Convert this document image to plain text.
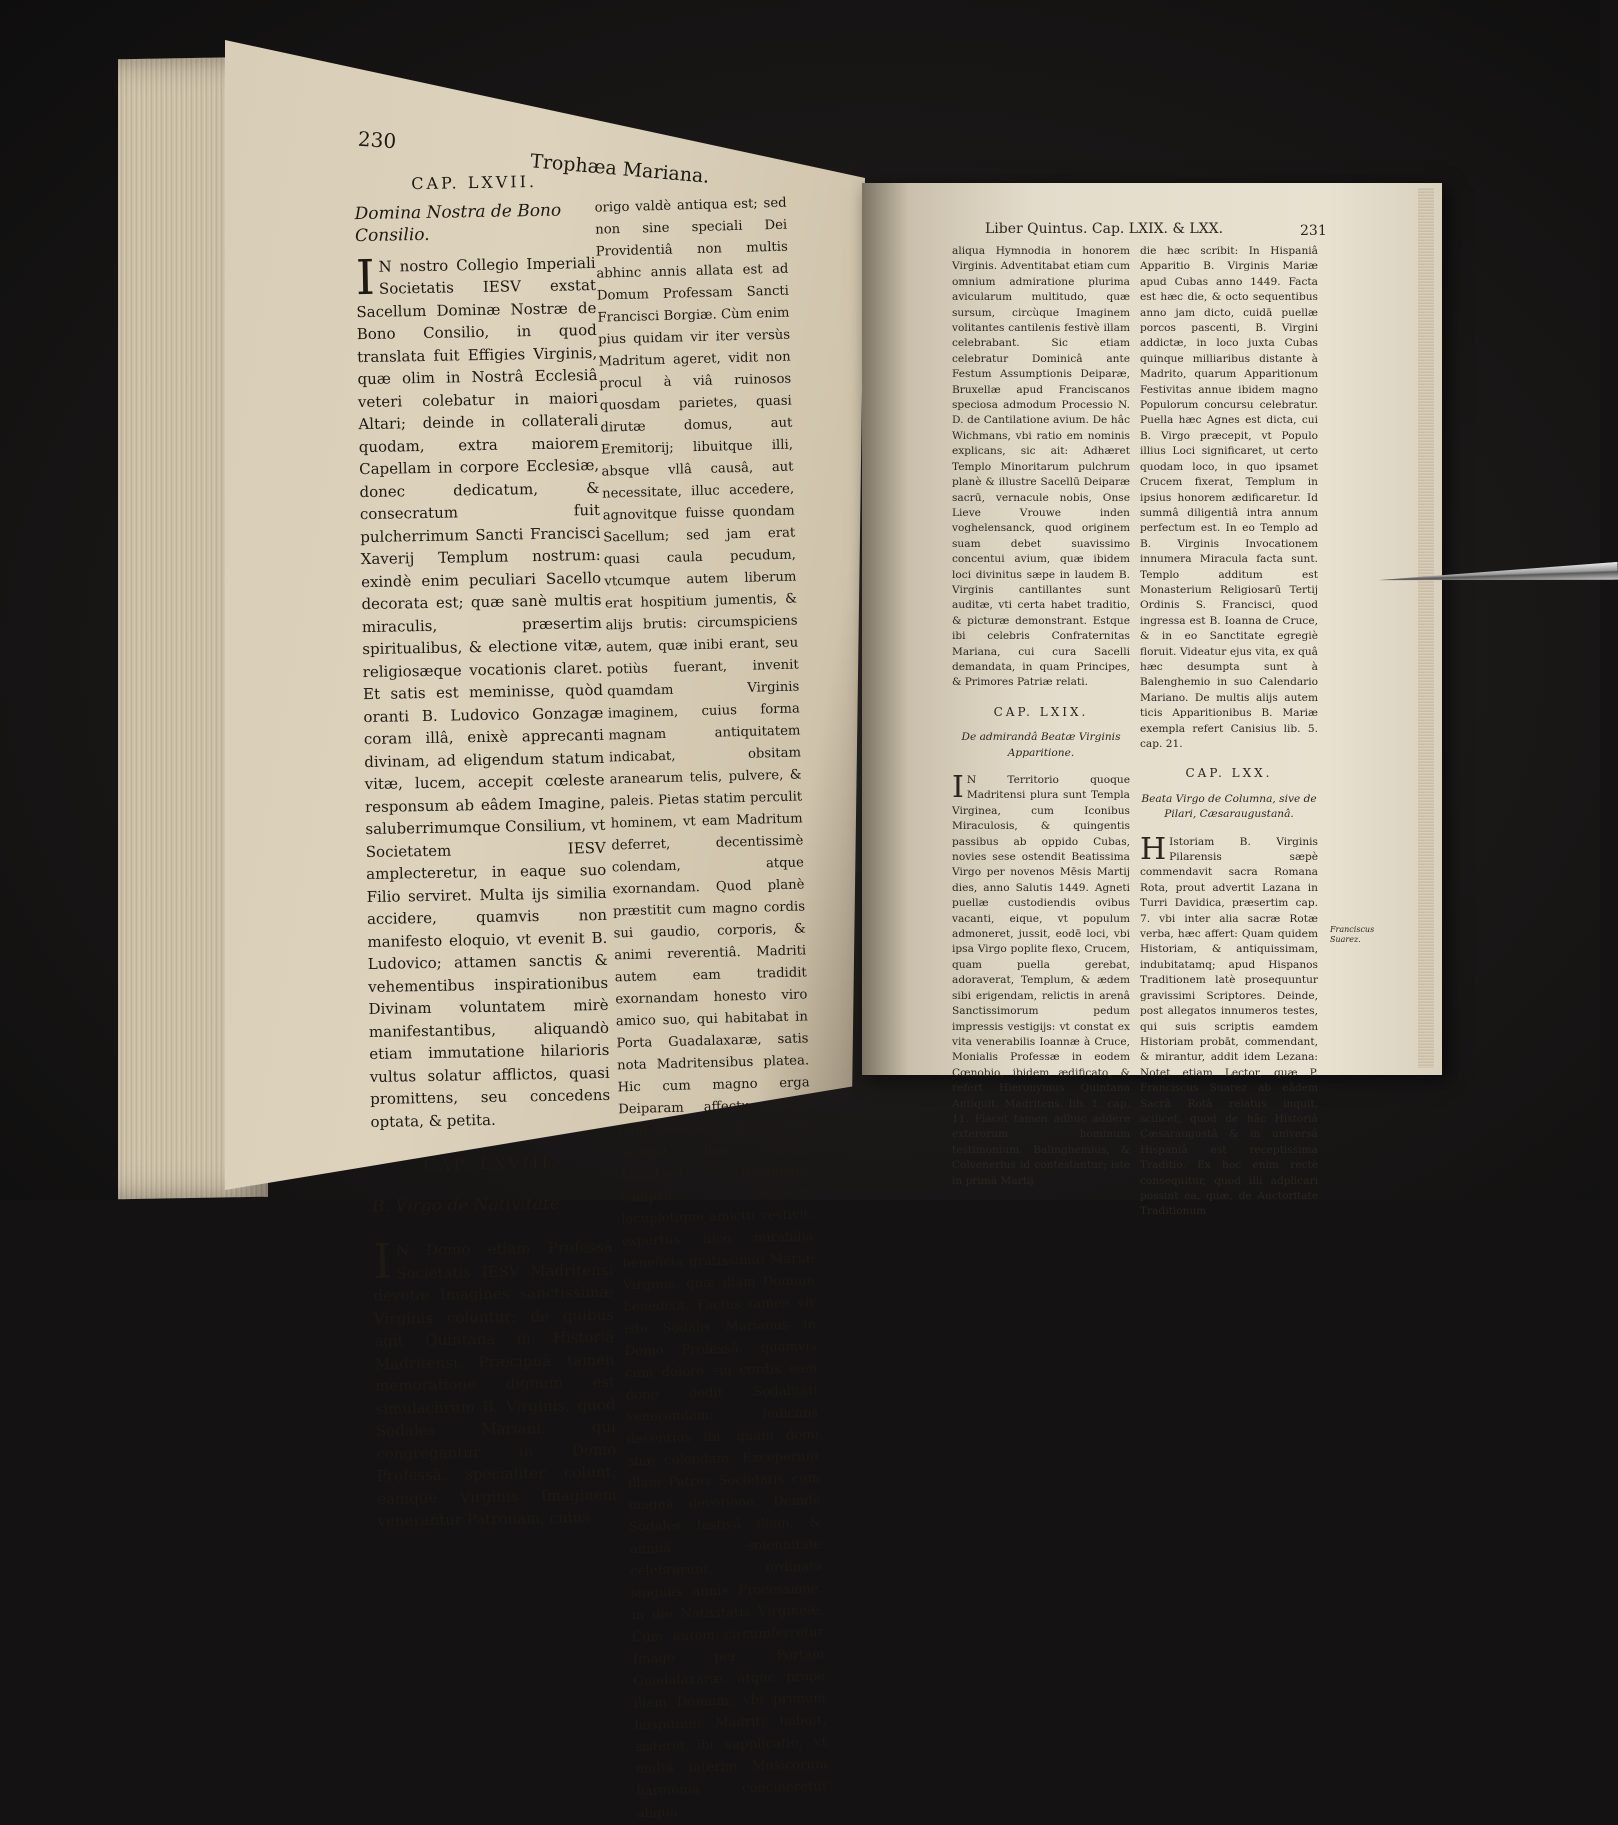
230
Trophæa Mariana.
CAP. LXVII.
Domina Nostra de Bono Consilio.
I N nostro Collegio Imperiali Societatis IESV exstat Sacellum Dominæ Nostræ de Bono Consilio, in quod translata fuit Effigies Virginis, quæ olim in Nostrâ Ecclesiâ veteri colebatur in maiori Altari; deinde in collaterali quodam, extra maiorem Capellam in corpore Ecclesiæ, donec dedicatum, & consecratum fuit pulcherrimum Sancti Francisci Xaverij Templum nostrum: exindè enim peculiari Sacello decorata est; quæ sanè multis miraculis, præsertim spiritualibus, & electione vitæ, religiosæque vocationis claret. Et satis est meminisse, quòd oranti B. Ludovico Gonzagæ coram illâ, enixè apprecanti divinam, ad eligendum statum vitæ, lucem, accepit cœleste responsum ab eâdem Imagine, saluberrimumque Consilium, vt Societatem IESV amplecteretur, in eaque suo Filio serviret. Multa ijs similia accidere, quamvis non manifesto eloquio, vt evenit B. Ludovico; attamen sanctis & vehementibus inspirationibus Divinam voluntatem mirè manifestantibus, aliquandò etiam immutatione hilarioris vultus solatur afflictos, quasi promittens, seu concedens optata, & petita.
CAP. LXVIII.
B. Virgo de Nativitate.
I N Domo etiam Professâ Societatis IESV Madritensi devotæ Imagines sanctissimæ Virginis coluntur; de quibus agit Quintana in Historiâ Madritensi. Præcipuâ tamen memoratione dignum est simulachrum B. Virginis, quod Sodales Mariani, qui congregantur in Domo Professâ, specialiter colunt; eamque Virginis Imaginem venerantur Patronam, cuius
origo valdè antiqua est; sed non sine speciali Dei Providentiâ non multis abhinc annis allata est ad Domum Professam Sancti Francisci Borgiæ. Cùm enim pius quidam vir iter versùs Madritum ageret, vidit non procul à viâ ruinosos quosdam parietes, quasi dirutæ domus, aut Eremitorij; libuitque illi, absque vllâ causâ, aut necessitate, illuc accedere, agnovitque fuisse quondam Sacellum; sed jam erat quasi caula pecudum, vtcumque autem liberum erat hospitium jumentis, & alijs brutis: circumspiciens autem, quæ inibi erant, seu potiùs fuerant, invenit quamdam Virginis imaginem, cuius forma magnam antiquitatem indicabat, obsitam aranearum telis, pulvere, & paleis. Pietas statim perculit hominem, vt eam Madritum deferret, decentissimè colendam, atque exornandam. Quod planè præstitit cum magno cordis sui gaudio, corporis, & animi reverentiâ. Madriti autem eam tradidit exornandam honesto viro amico suo, qui habitabat in Porta Guadalaxaræ, satis nota Madritensibus platea. Hic cum magno erga Deiparam affectu, simul cum vxore suâ libentissimè accepit illam curam. Mundavit Imaginem, compsit, exornavit, locupletique amictu vestivit, expertus ilicò mirabilia beneficia gratissimæ Mariæ Virginis, quæ illam Domum benedixit. Factus tamen vir iste Sodalis Marianus in Domo Professâ, quamvis cum dolore sui cordis eam dono dedit Sodalitati venerandam; judicans decentiùs ibi, quàm domi suæ colendam. Exceperunt illam Patres Societatis cum magnâ devotione. Deindè Sodales festivâ illam, & annuâ solennitate celebrarunt, ordinatâ singulis annis Processione, in die Nativitatis Virgineæ. Cùm autem circumferretur Imago per Portam Guadalaxaræ, atque propè illam Domum, vbi primum hospitium Madriti habuit, sisteret ibi supplicatio, vt multâ interim Musicorum harmoniâ concineretur aliqua
Liber Quintus. Cap. LXIX. & LXX.	231
aliqua Hymnodia in honorem Virginis. Adventitabat etiam cum omnium admiratione plurima avicularum multitudo, quæ sursum, circùque Imaginem volitantes cantilenis festivè illam celebrabant. Sic etiam celebratur Dominicâ ante Festum Assumptionis Deiparæ, Bruxellæ apud Franciscanos speciosa admodum Processio N. D. de Cantilatione avium. De hâc Wichmans, vbi ratio em nominis explicans, sic ait: Adhæret Templo Minoritarum pulchrum planè & illustre Sacellū Deiparæ sacrū, vernacule nobis, Onse Lieve Vrouwe inden voghelensanck, quod originem suam debet suavissimo concentui avium, quæ ibidem loci divinitus sæpe in laudem B. Virginis cantillantes sunt auditæ, vti certa habet traditio, & picturæ demonstrant. Estque ibi celebris Confraternitas Mariana, cui cura Sacelli demandata, in quam Principes, & Primores Patriæ relati.
CAP. LXIX.
De admirandâ Beatæ Virginis Apparitione.
I N Territorio quoque Madritensi plura sunt Templa Virginea, cum Iconibus Miraculosis, & quingentis passibus ab oppido Cubas, novies sese ostendit Beatissima Virgo per novenos Mēsis Martij dies, anno Salutis 1449. Agneti puellæ custodiendis ovibus vacanti, eique, vt populum admoneret, jussit, eodē loci, vbi ipsa Virgo poplite flexo, Crucem, quam puella gerebat, adoraverat, Templum, & ædem sibi erigendam, relictis in arenâ Sanctissimorum pedum impressis vestigijs: vt constat ex vita venerabilis Ioannæ à Cruce, Monialis Professæ in eodem Cœnobio, ibidem ædificato, & refert Hieronymus Quintana Antiquit. Madritens. lib. 1. cap. 11. Placet tamen adhuc addere exterorum hominum testimonium. Balinghemius, & Colvenerius id contestantur; iste in primâ Martij
die hæc scribit: In Hispaniâ Apparitio B. Virginis Mariæ apud Cubas anno 1449. Facta est hæc die, & octo sequentibus anno jam dicto, cuidā puellæ porcos pascenti, B. Virgini addictæ, in loco juxta Cubas quinque milliaribus distante à Madrito, quarum Apparitionum Festivitas annue ibidem magno Populorum concursu celebratur. Puella hæc Agnes est dicta, cui B. Virgo præcepit, vt Populo illius Loci significaret, ut certo quodam loco, in quo ipsamet Crucem fixerat, Templum in ipsius honorem ædificaretur. Id summâ diligentiâ intra annum perfectum est. In eo Templo ad B. Virginis Invocationem innumera Miracula facta sunt. Templo additum est Monasterium Religiosarū Tertij Ordinis S. Francisci, quod ingressa est B. Ioanna de Cruce, & in eo Sanctitate egregiè floruit. Videatur ejus vita, ex quâ hæc desumpta sunt à Balenghemio in suo Calendario Mariano. De multis alijs autem ticis Apparitionibus B. Mariæ exempla refert Canisius lib. 5. cap. 21.
CAP. LXX.
Beata Virgo de Columna, sive de Pilari, Cæsaraugustanâ.
H Istoriam B. Virginis Pilarensis sæpè commendavit sacra Romana Rota, prout advertit Lazana in Turri Davidica, præsertim cap. 7. vbi inter alia sacræ Rotæ verba, hæc affert: Quam quidem Historiam, & antiquissimam, indubitatamq; apud Hispanos Traditionem latè prosequuntur gravissimi Scriptores. Deinde, post allegatos innumeros testes, qui suis scriptis eamdem Historiam probāt, commendant, & mirantur, addit idem Lezana: Notet etiam Lector, quæ P. Franciscus Suarez ab eâdem Sacrâ Rotâ relatus inquit, scilicet, quod de hâc Historiâ Cæsaraugustâ & in universâ Hispaniâ est receptissima Traditio. Ex hoc enim rectè consequitur, quod illi adplicari possint ea, quæ, de Auctoritate Traditionum
Franciscus Suarez.
